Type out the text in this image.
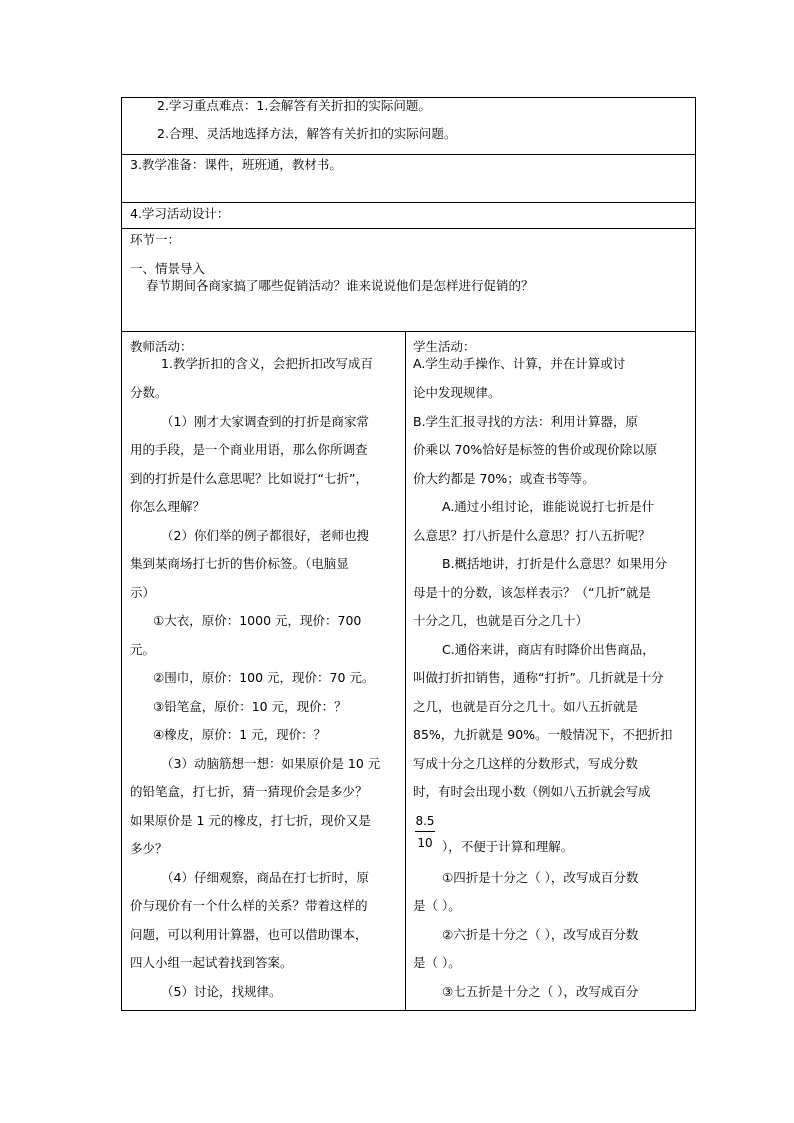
2.学习重点难点：1.会解答有关折扣的实际问题。
2.合理、灵活地选择方法，解答有关折扣的实际问题。
3.教学准备：课件，班班通，教材书。
4.学习活动设计：
环节一：
一、情景导入
春节期间各商家搞了哪些促销活动？谁来说说他们是怎样进行促销的？
教师活动：
1.教学折扣的含义，会把折扣改写成百
分数。
（1）刚才大家调查到的打折是商家常
用的手段，是一个商业用语，那么你所调查
到的打折是什么意思呢？比如说打“七折”，
你怎么理解？
（2）你们举的例子都很好，老师也搜
集到某商场打七折的售价标签。（电脑显
示）
①大衣，原价：1000 元，现价：700
元。
②围巾，原价：100 元，现价：70 元。
③铅笔盒，原价：10 元，现价：？
④橡皮，原价：1 元，现价：？
（3）动脑筋想一想：如果原价是 10 元
的铅笔盒，打七折，猜一猜现价会是多少？
如果原价是 1 元的橡皮，打七折，现价又是
多少？
（4）仔细观察，商品在打七折时，原
价与现价有一个什么样的关系？带着这样的
问题，可以利用计算器，也可以借助课本，
四人小组一起试着找到答案。
（5）讨论，找规律。
学生活动：
A.学生动手操作、计算，并在计算或讨
论中发现规律。
B.学生汇报寻找的方法：利用计算器，原
价乘以 70%恰好是标签的售价或现价除以原
价大约都是 70%；或查书等等。
A.通过小组讨论，谁能说说打七折是什
么意思？打八折是什么意思？打八五折呢？
B.概括地讲，打折是什么意思？如果用分
母是十的分数，该怎样表示？（“几折”就是
十分之几，也就是百分之几十）
C.通俗来讲，商店有时降价出售商品，
叫做打折扣销售，通称“打折”。几折就是十分
之几，也就是百分之几十。如八五折就是
85%，九折就是 90%。一般情况下，不把折扣
写成十分之几这样的分数形式，写成分数
时，有时会出现小数（例如八五折就会写成
8.5
10 ），不便于计算和理解。
①四折是十分之（ ），改写成百分数
是（ ）。
②六折是十分之（ ），改写成百分数
是（ ）。
③七五折是十分之（ ），改写成百分
